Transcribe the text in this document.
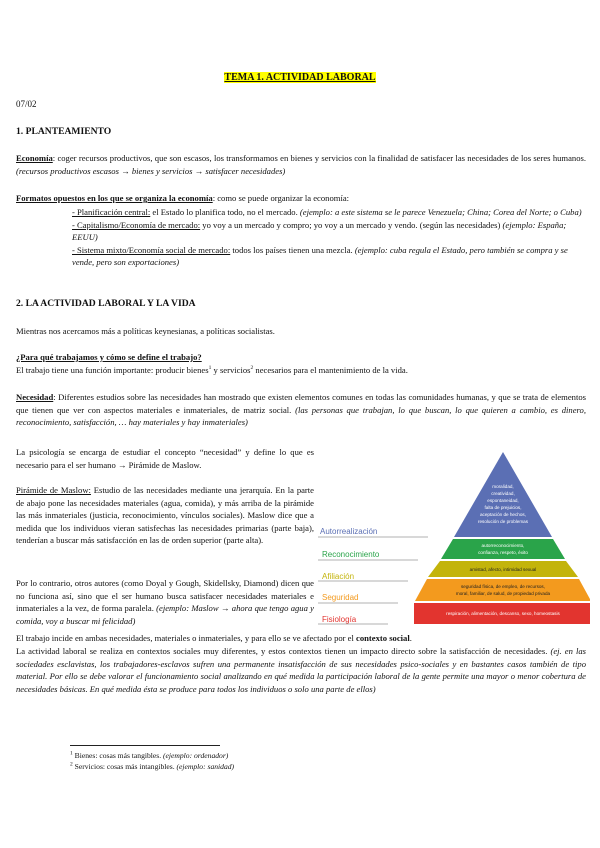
TEMA 1. ACTIVIDAD LABORAL
07/02
1. PLANTEAMIENTO
Economía: coger recursos productivos, que son escasos, los transformamos en bienes y servicios con la finalidad de satisfacer las necesidades de los seres humanos. (recursos productivos escasos → bienes y servicios → satisfacer necesidades)
Formatos opuestos en los que se organiza la economía: como se puede organizar la economía:
- Planificación central: el Estado lo planifica todo, no el mercado. (ejemplo: a este sistema se le parece Venezuela; China; Corea del Norte; o Cuba)
- Capitalismo/Economía de mercado: yo voy a un mercado y compro; yo voy a un mercado y vendo. (según las necesidades) (ejemplo: España; EEUU)
- Sistema mixto/Economía social de mercado: todos los países tienen una mezcla. (ejemplo: cuba regula el Estado, pero también se compra y se vende, pero son exportaciones)
2. LA ACTIVIDAD LABORAL Y LA VIDA
Mientras nos acercamos más a políticas keynesianas, a políticas socialistas.
¿Para qué trabajamos y cómo se define el trabajo?
El trabajo tiene una función importante: producir bienes$^1$ y servicios$^2$ necesarios para el mantenimiento de la vida.
Necesidad: Diferentes estudios sobre las necesidades han mostrado que existen elementos comunes en todas las comunidades humanas, y que se trata de elementos que tienen que ver con aspectos materiales e inmateriales, de matriz social. (las personas que trabajan, lo que buscan, lo que quieren a cambio, es dinero, reconocimiento, satisfacción, … hay materiales y hay inmateriales)
La psicología se encarga de estudiar el concepto “necesidad” y define lo que es necesario para el ser humano → Pirámide de Maslow.
Pirámide de Maslow: Estudio de las necesidades mediante una jerarquía. En la parte de abajo pone las necesidades materiales (agua, comida), y más arriba de la pirámide las más inmateriales (justicia, reconocimiento, vínculos sociales). Maslow dice que a medida que los individuos vieran satisfechas las necesidades primarias (parte baja), tenderían a buscar más satisfacción en las de orden superior (parte alta).
Por lo contrario, otros autores (como Doyal y Gough, Skidellsky, Diamond) dicen que no funciona así, sino que el ser humano busca satisfacer necesidades materiales e inmateriales a la vez, de forma paralela. (ejemplo: Maslow → ahora que tengo agua y comida, voy a buscar mi felicidad)
moralidad,
creatividad,
espontaneidad,
falta de prejuicios,
aceptación de hechos,
resolución de problemas
autorreconocimiento,
confianza, respeto, éxito
amistad, afecto, intimidad sexual
seguridad física, de empleo, de recursos,
moral, familiar, de salud, de propiedad privada
respiración, alimentación, descanso, sexo, homeostasis
Autorrealización
Reconocimiento
Afiliación
Seguridad
Fisiología
El trabajo incide en ambas necesidades, materiales o inmateriales, y para ello se ve afectado por el contexto social.
La actividad laboral se realiza en contextos sociales muy diferentes, y estos contextos tienen un impacto directo sobre la satisfacción de necesidades. (ej. en las sociedades esclavistas, los trabajadores-esclavos sufren una permanente insatisfacción de sus necesidades psico-sociales y en bastantes casos también de tipo material. Por ello se debe valorar el funcionamiento social analizando en qué medida la participación laboral de la gente permite una mayor o menor cobertura de necesidades básicas. En qué medida ésta se produce para todos los individuos o solo una parte de ellos)
$^1$ Bienes: cosas más tangibles. (ejemplo: ordenador)
$^2$ Servicios: cosas más intangibles. (ejemplo: sanidad)
